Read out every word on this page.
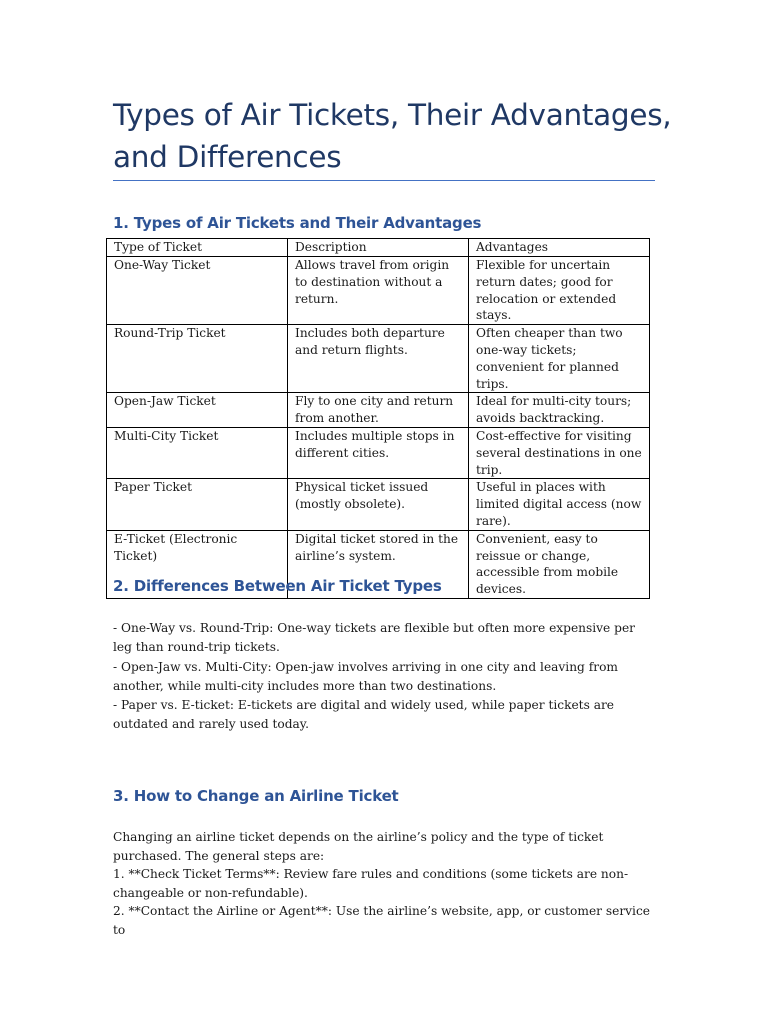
Types of Air Tickets, Their Advantages, and Differences
1. Types of Air Tickets and Their Advantages
Type of Ticket	Description	Advantages
One-Way Ticket	Allows travel from origin to destination without a return.	Flexible for uncertain return dates; good for relocation or extended stays.
Round-Trip Ticket	Includes both departure and return flights.	Often cheaper than two one-way tickets; convenient for planned trips.
Open-Jaw Ticket	Fly to one city and return from another.	Ideal for multi-city tours; avoids backtracking.
Multi-City Ticket	Includes multiple stops in different cities.	Cost-effective for visiting several destinations in one trip.
Paper Ticket	Physical ticket issued (mostly obsolete).	Useful in places with limited digital access (now rare).
E-Ticket (Electronic Ticket)	Digital ticket stored in the airline’s system.	Convenient, easy to reissue or change, accessible from mobile devices.
2. Differences Between Air Ticket Types

- One-Way vs. Round-Trip: One-way tickets are flexible but often more expensive per leg than round-trip tickets.

- Open-Jaw vs. Multi-City: Open-jaw involves arriving in one city and leaving from another, while multi-city includes more than two destinations.

- Paper vs. E-ticket: E-tickets are digital and widely used, while paper tickets are outdated and rarely used today.

3. How to Change an Airline Ticket

Changing an airline ticket depends on the airline’s policy and the type of ticket purchased. The general steps are:

1. **Check Ticket Terms**: Review fare rules and conditions (some tickets are non-changeable or non-refundable).

2. **Contact the Airline or Agent**: Use the airline’s website, app, or customer service to
